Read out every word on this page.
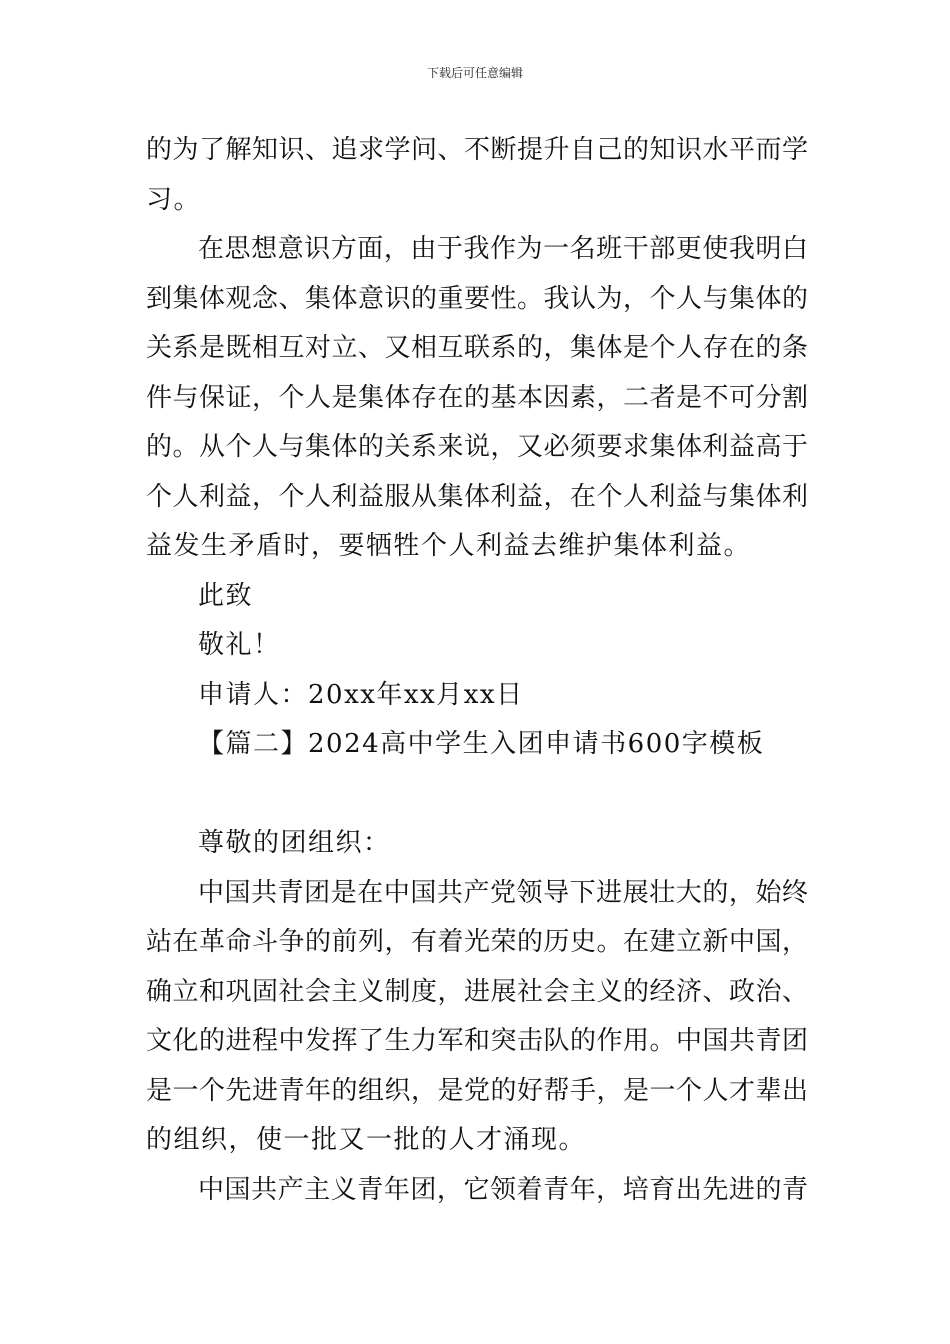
下载后可任意编辑
的为了解知识、追求学问、不断提升自己的知识水平而学
习。
在思想意识方面，由于我作为一名班干部更使我明白
到集体观念、集体意识的重要性。我认为，个人与集体的
关系是既相互对立、又相互联系的，集体是个人存在的条
件与保证，个人是集体存在的基本因素，二者是不可分割
的。从个人与集体的关系来说，又必须要求集体利益高于
个人利益，个人利益服从集体利益，在个人利益与集体利
益发生矛盾时，要牺牲个人利益去维护集体利益。
此致
敬礼！
申请人：20xx年xx月xx日
【篇二】2024高中学生入团申请书600字模板
尊敬的团组织：
中国共青团是在中国共产党领导下进展壮大的，始终
站在革命斗争的前列，有着光荣的历史。在建立新中国，
确立和巩固社会主义制度，进展社会主义的经济、政治、
文化的进程中发挥了生力军和突击队的作用。中国共青团
是一个先进青年的组织，是党的好帮手，是一个人才辈出
的组织，使一批又一批的人才涌现。
中国共产主义青年团，它领着青年，培育出先进的青
